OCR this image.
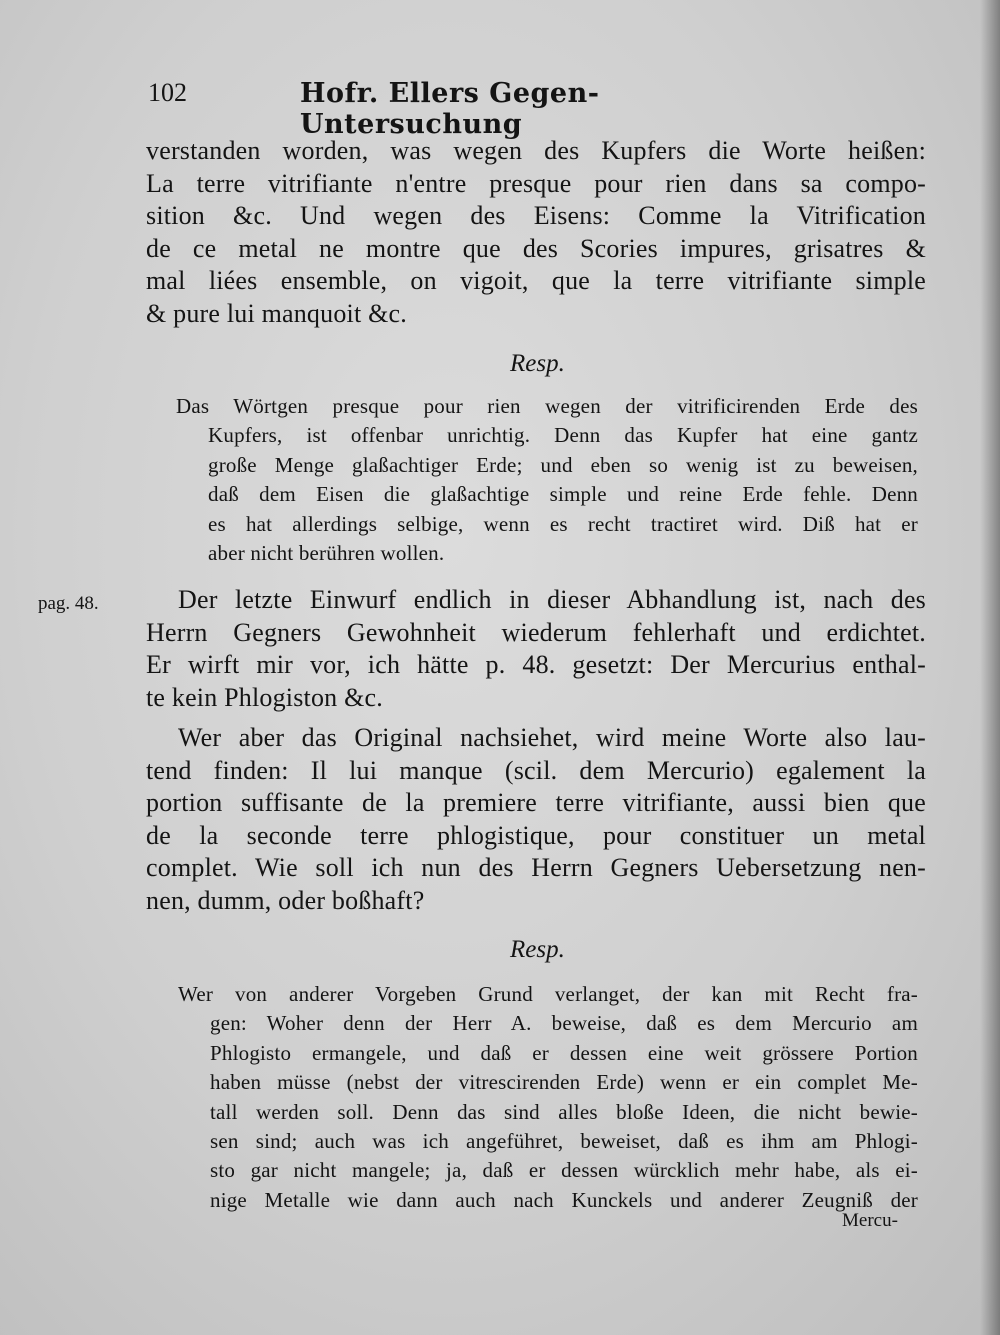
102	Hofr. Ellers Gegen-Untersuchung
verstanden worden, was wegen des Kupfers die Worte heißen:
La terre vitrifiante n'entre presque pour rien dans sa compo-
sition &c. Und wegen des Eisens: Comme la Vitrification
de ce metal ne montre que des Scories impures, grisatres &
mal liées ensemble, on vigoit, que la terre vitrifiante simple
& pure lui manquoit &c.
Resp.
Das Wörtgen presque pour rien wegen der vitrificirenden Erde des
Kupfers, ist offenbar unrichtig. Denn das Kupfer hat eine gantz
große Menge glaßachtiger Erde; und eben so wenig ist zu beweisen,
daß dem Eisen die glaßachtige simple und reine Erde fehle. Denn
es hat allerdings selbige, wenn es recht tractiret wird. Diß hat er
aber nicht berühren wollen.
pag. 48.	Der letzte Einwurf endlich in dieser Abhandlung ist, nach des
Herrn Gegners Gewohnheit wiederum fehlerhaft und erdichtet.
Er wirft mir vor, ich hätte p. 48. gesetzt: Der Mercurius enthal-
te kein Phlogiston &c.
Wer aber das Original nachsiehet, wird meine Worte also lau-
tend finden: Il lui manque (scil. dem Mercurio) egalement la
portion suffisante de la premiere terre vitrifiante, aussi bien que
de la seconde terre phlogistique, pour constituer un metal
complet. Wie soll ich nun des Herrn Gegners Uebersetzung nen-
nen, dumm, oder boßhaft?
Resp.
Wer von anderer Vorgeben Grund verlanget, der kan mit Recht fra-
gen: Woher denn der Herr A. beweise, daß es dem Mercurio am
Phlogisto ermangele, und daß er dessen eine weit grössere Portion
haben müsse (nebst der vitrescirenden Erde) wenn er ein complet Me-
tall werden soll. Denn das sind alles bloße Ideen, die nicht bewie-
sen sind; auch was ich angeführet, beweiset, daß es ihm am Phlogi-
sto gar nicht mangele; ja, daß er dessen würcklich mehr habe, als ei-
nige Metalle wie dann auch nach Kunckels und anderer Zeugniß der
Mercu-
